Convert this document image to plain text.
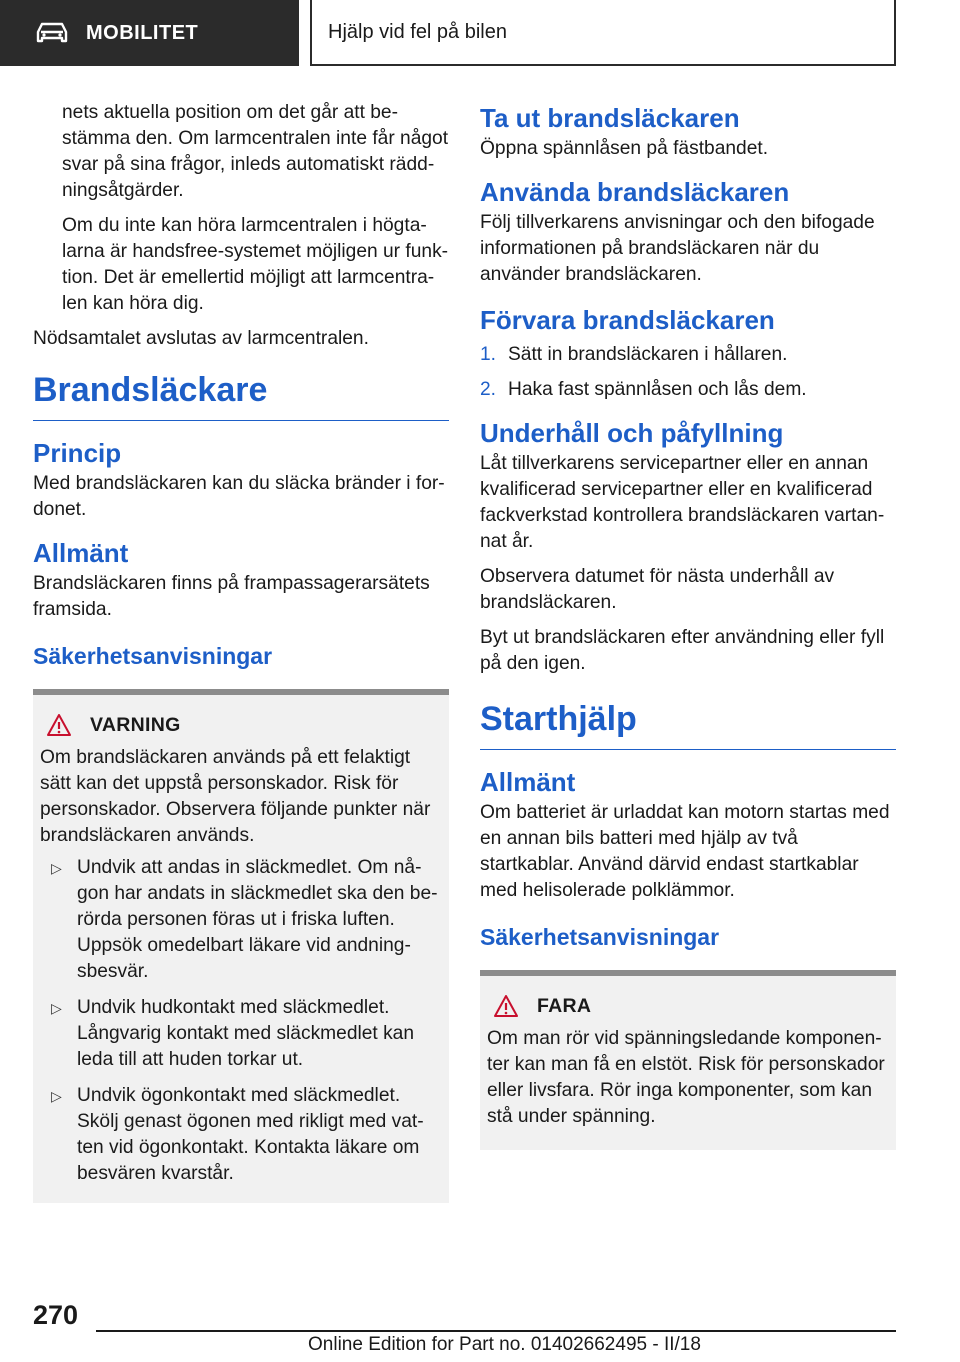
MOBILITET	Hjälp vid fel på bilen

nets aktuella position om det går att bestämma den. Om larmcentralen inte får något svar på sina frågor, inleds automatiskt räddningsåtgärder.

Om du inte kan höra larmcentralen i högtalarna är handsfree-systemet möjligen ur funktion. Det är emellertid möjligt att larmcentralen kan höra dig.

Nödsamtalet avslutas av larmcentralen.

Brandsläckare
Princip

Med brandsläckaren kan du släcka bränder i fordonet.

Allmänt

Brandsläckaren finns på frampassagerarsätets framsida.

Säkerhetsanvisningar
VARNING

Om brandsläckaren används på ett felaktigt sätt kan det uppstå personskador. Risk för personskador. Observera följande punkter när brandsläckaren används.

▷ Undvik att andas in släckmedlet. Om någon har andats in släckmedlet ska den berörda personen föras ut i friska luften. Uppsök omedelbart läkare vid andningsbesvär.
▷ Undvik hudkontakt med släckmedlet. Långvarig kontakt med släckmedlet kan leda till att huden torkar ut.
▷ Undvik ögonkontakt med släckmedlet. Skölj genast ögonen med rikligt med vatten vid ögonkontakt. Kontakta läkare om besvären kvarstår.
Ta ut brandsläckaren

Öppna spännlåsen på fästbandet.

Använda brandsläckaren

Följ tillverkarens anvisningar och den bifogade informationen på brandsläckaren när du använder brandsläckaren.

Förvara brandsläckaren
1. Sätt in brandsläckaren i hållaren.
2. Haka fast spännlåsen och lås dem.
Underhåll och påfyllning

Låt tillverkarens servicepartner eller en annan kvalificerad servicepartner eller en kvalificerad fackverkstad kontrollera brandsläckaren vartannat år.

Observera datumet för nästa underhåll av brandsläckaren.

Byt ut brandsläckaren efter användning eller fyll på den igen.

Starthjälp
Allmänt

Om batteriet är urladdat kan motorn startas med en annan bils batteri med hjälp av två startkablar. Använd därvid endast startkablar med helisolerade polklämmor.

Säkerhetsanvisningar
FARA

Om man rör vid spänningsledande komponenter kan man få en elstöt. Risk för personskador eller livsfara. Rör inga komponenter, som kan stå under spänning.

270
Online Edition for Part no. 01402662495 - II/18
